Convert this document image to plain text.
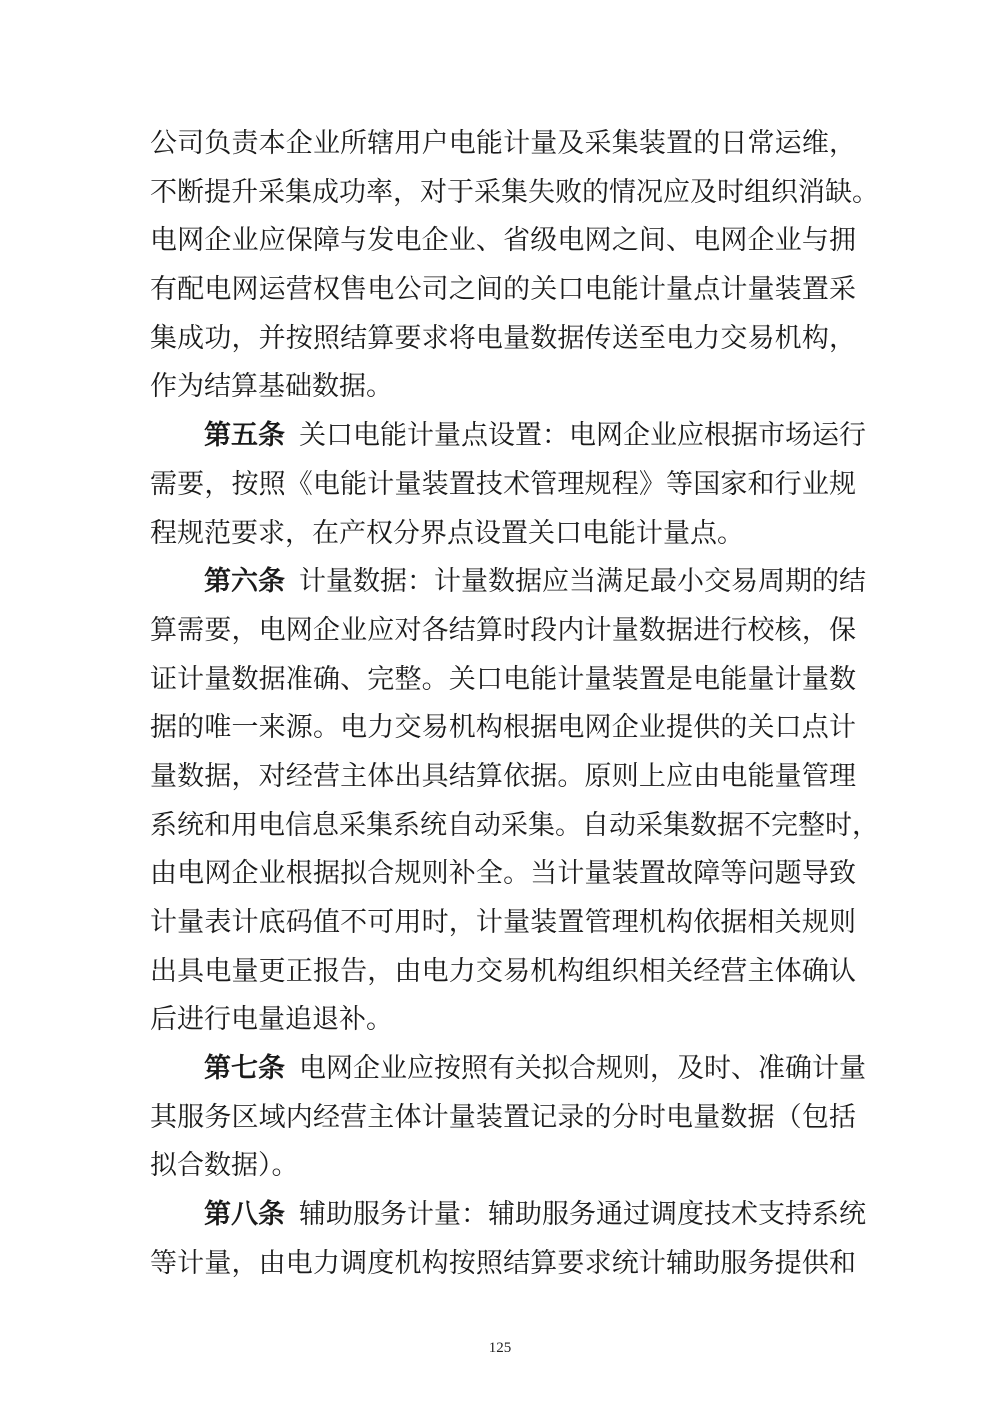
公司负责本企业所辖用户电能计量及采集装置的日常运维，
不断提升采集成功率，对于采集失败的情况应及时组织消缺。
电网企业应保障与发电企业、省级电网之间、电网企业与拥
有配电网运营权售电公司之间的关口电能计量点计量装置采
集成功，并按照结算要求将电量数据传送至电力交易机构，
作为结算基础数据。
第五条 关口电能计量点设置：电网企业应根据市场运行
需要，按照《电能计量装置技术管理规程》等国家和行业规
程规范要求，在产权分界点设置关口电能计量点。
第六条 计量数据：计量数据应当满足最小交易周期的结
算需要，电网企业应对各结算时段内计量数据进行校核，保
证计量数据准确、完整。关口电能计量装置是电能量计量数
据的唯一来源。电力交易机构根据电网企业提供的关口点计
量数据，对经营主体出具结算依据。原则上应由电能量管理
系统和用电信息采集系统自动采集。自动采集数据不完整时，
由电网企业根据拟合规则补全。当计量装置故障等问题导致
计量表计底码值不可用时，计量装置管理机构依据相关规则
出具电量更正报告，由电力交易机构组织相关经营主体确认
后进行电量追退补。
第七条 电网企业应按照有关拟合规则，及时、准确计量
其服务区域内经营主体计量装置记录的分时电量数据（包括
拟合数据）。
第八条 辅助服务计量：辅助服务通过调度技术支持系统
等计量，由电力调度机构按照结算要求统计辅助服务提供和
125
